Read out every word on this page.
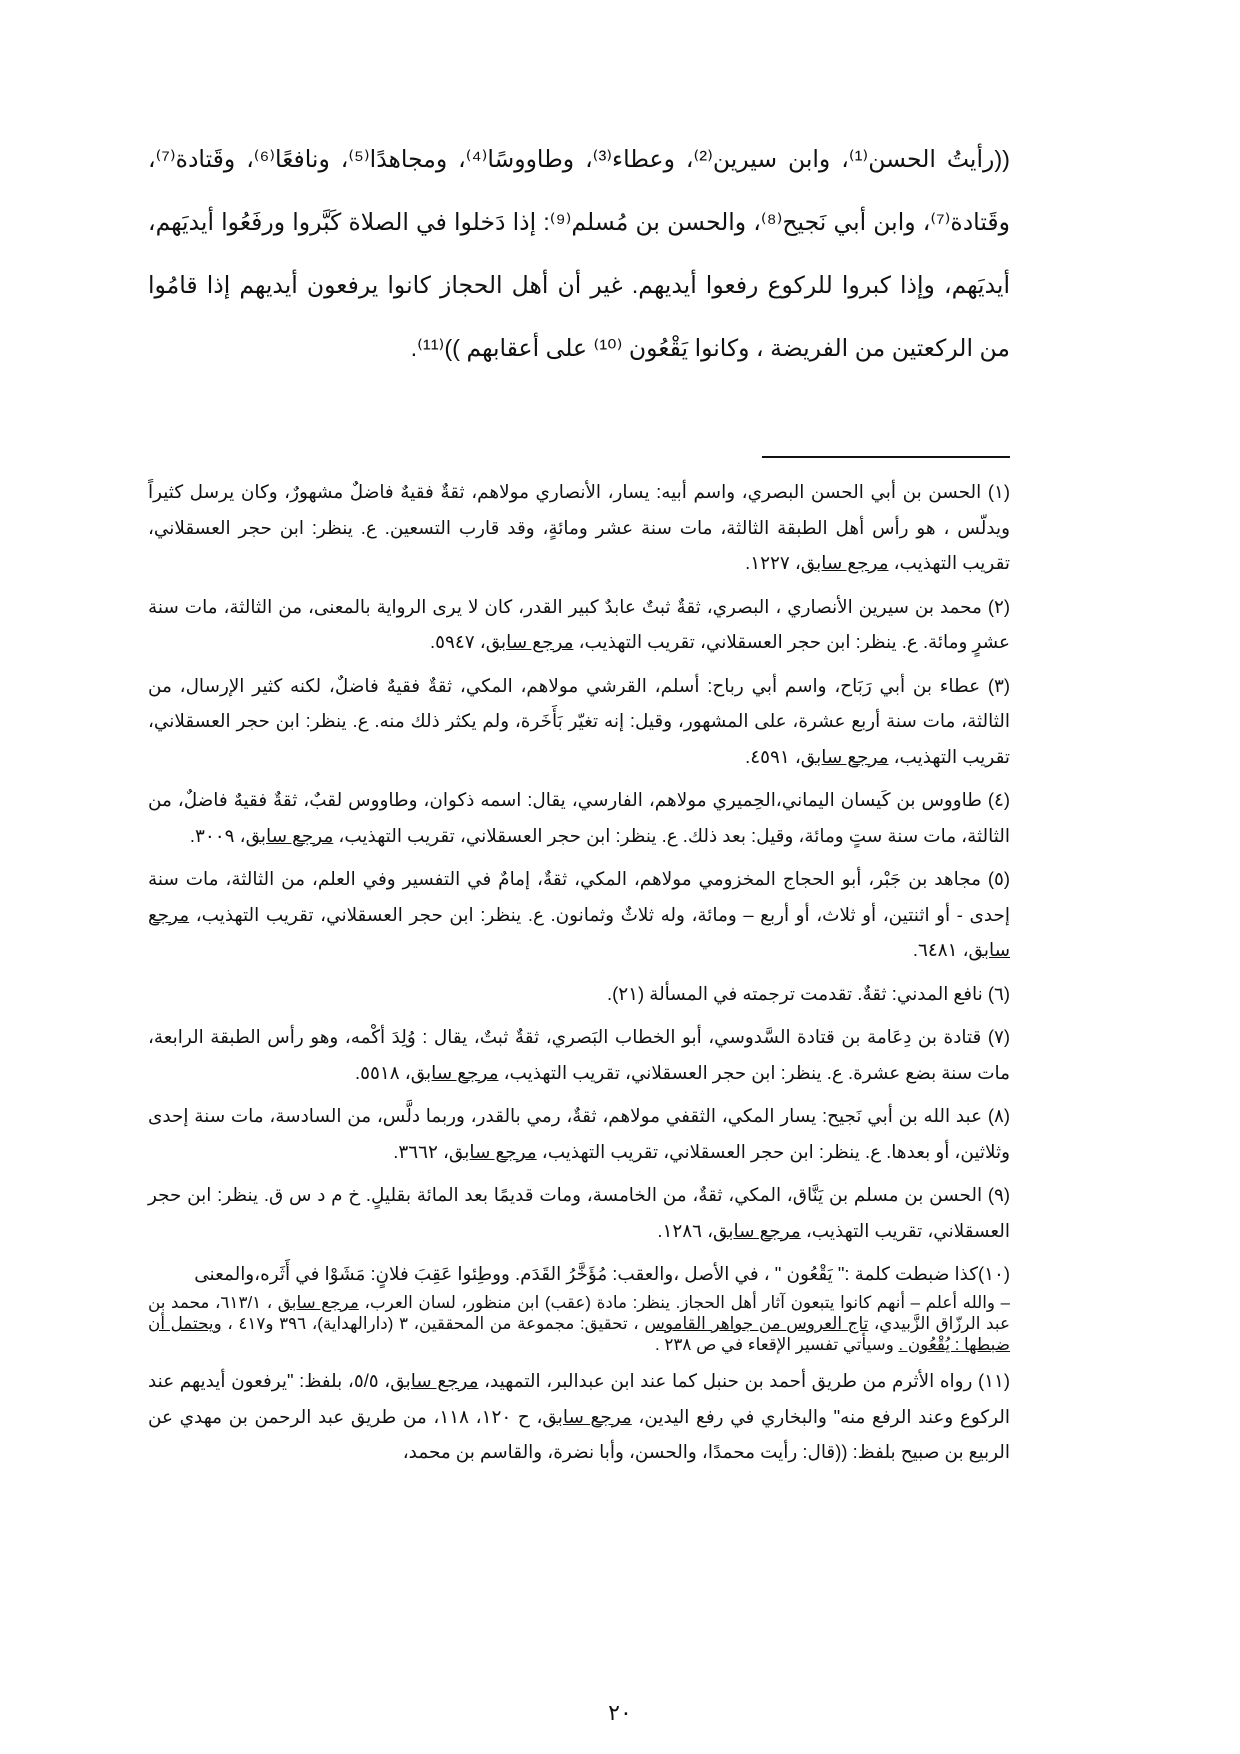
((رأيتُ الحسن⁽¹⁾، وابن سيرين⁽²⁾، وعطاء⁽³⁾، وطاووسًا⁽⁴⁾، ومجاهدًا⁽⁵⁾، ونافعًا⁽⁶⁾، وقَتادة⁽⁷⁾، وقَتادة⁽⁷⁾، وابن أبي نَجيح⁽⁸⁾، والحسن بن مُسلم⁽⁹⁾: إذا دَخلوا في الصلاة كَبَّروا ورفَعُوا أيديَهم، أيديَهم، وإذا كبروا للركوع رفعوا أيديهم. غير أن أهل الحجاز كانوا يرفعون أيديهم إذا قامُوا من الركعتين من الفريضة ، وكانوا يَقْعُون ⁽¹⁰⁾ على أعقابهم ))⁽¹¹⁾.

(١) الحسن بن أبي الحسن البصري، واسم أبيه: يسار، الأنصاري مولاهم، ثقةٌ فقيهٌ فاضلٌ مشهورٌ، وكان يرسل كثيراً ويدلّس ، هو رأس أهل الطبقة الثالثة، مات سنة عشر ومائةٍ، وقد قارب التسعين. ع. ينظر: ابن حجر العسقلاني، تقريب التهذيب، مرجع سابق، ١٢٢٧.

(٢) محمد بن سيرين الأنصاري ، البصري، ثقةٌ ثبتٌ عابدٌ كبير القدر، كان لا يرى الرواية بالمعنى، من الثالثة، مات سنة عشرٍ ومائة. ع. ينظر: ابن حجر العسقلاني، تقريب التهذيب، مرجع سابق، ٥٩٤٧.

(٣) عطاء بن أبي رَبَاح، واسم أبي رباح: أسلم، القرشي مولاهم، المكي، ثقةٌ فقيهٌ فاضلٌ، لكنه كثير الإرسال، من الثالثة، مات سنة أربع عشرة، على المشهور، وقيل: إنه تغيّر بَأَخَرة، ولم يكثر ذلك منه. ع. ينظر: ابن حجر العسقلاني، تقريب التهذيب، مرجع سابق، ٤٥٩١.

(٤) طاووس بن كَيسان اليماني،الحِميري مولاهم، الفارسي، يقال: اسمه ذكوان، وطاووس لقبٌ، ثقةٌ فقيهٌ فاضلٌ، من الثالثة، مات سنة ستٍ ومائة، وقيل: بعد ذلك. ع. ينظر: ابن حجر العسقلاني، تقريب التهذيب، مرجع سابق، ٣٠٠٩.

(٥) مجاهد بن جَبْر، أبو الحجاج المخزومي مولاهم، المكي، ثقةٌ، إمامٌ في التفسير وفي العلم، من الثالثة، مات سنة إحدى - أو اثنتين، أو ثلاث، أو أربع – ومائة، وله ثلاثٌ وثمانون. ع. ينظر: ابن حجر العسقلاني، تقريب التهذيب، مرجع سابق، ٦٤٨١.

(٦) نافع المدني: ثقةٌ. تقدمت ترجمته في المسألة (٢١).

(٧) قتادة بن دِعَامة بن قتادة السَّدوسي، أبو الخطاب البَصري، ثقةٌ ثبتٌ، يقال : وُلِدَ أكْمه، وهو رأس الطبقة الرابعة، مات سنة بضع عشرة. ع. ينظر: ابن حجر العسقلاني، تقريب التهذيب، مرجع سابق، ٥٥١٨.

(٨) عبد الله بن أبي نَجيح: يسار المكي، الثقفي مولاهم، ثقةٌ، رمي بالقدر، وربما دلَّس، من السادسة، مات سنة إحدى وثلاثين، أو بعدها. ع. ينظر: ابن حجر العسقلاني، تقريب التهذيب، مرجع سابق، ٣٦٦٢.

(٩) الحسن بن مسلم بن يَنَّاق، المكي، ثقةٌ، من الخامسة، ومات قديمًا بعد المائة بقليلٍ. خ م د س ق. ينظر: ابن حجر العسقلاني، تقريب التهذيب، مرجع سابق، ١٢٨٦.

(١٠)كذا ضبطت كلمة :" يَقْعُون " ، في الأصل ،والعقب: مُؤَخَّرُ القَدَم. ووطِئوا عَقِبَ فلانٍ: مَشَوْا في أَثَره،والمعنى
– والله أعلم – أنهم كانوا يتبعون آثار أهل الحجاز. ينظر: مادة (عقب) ابن منظور، لسان العرب، مرجع سابق ، ٦١٣/١، محمد بن عبد الرزّاق الزَّبيدي، تاج العروس من جواهر القاموس ، تحقيق: مجموعة من المحققين، ٣ (دارالهداية)، ٣٩٦ و٤١٧ ، ويحتمل أن ضبطها : يُقْعُون . وسيأتي تفسير الإقعاء في ص ٢٣٨ .

(١١) رواه الأثرم من طريق أحمد بن حنبل كما عند ابن عبدالبر، التمهيد، مرجع سابق، ٥/٥، بلفظ: "يرفعون أيديهم عند الركوع وعند الرفع منه" والبخاري في رفع اليدين، مرجع سابق، ح ١٢٠، ١١٨، من طريق عبد الرحمن بن مهدي عن الربيع بن صبيح بلفظ: ((قال: رأيت محمدًا، والحسن، وأبا نضرة، والقاسم بن محمد،

٢٠
